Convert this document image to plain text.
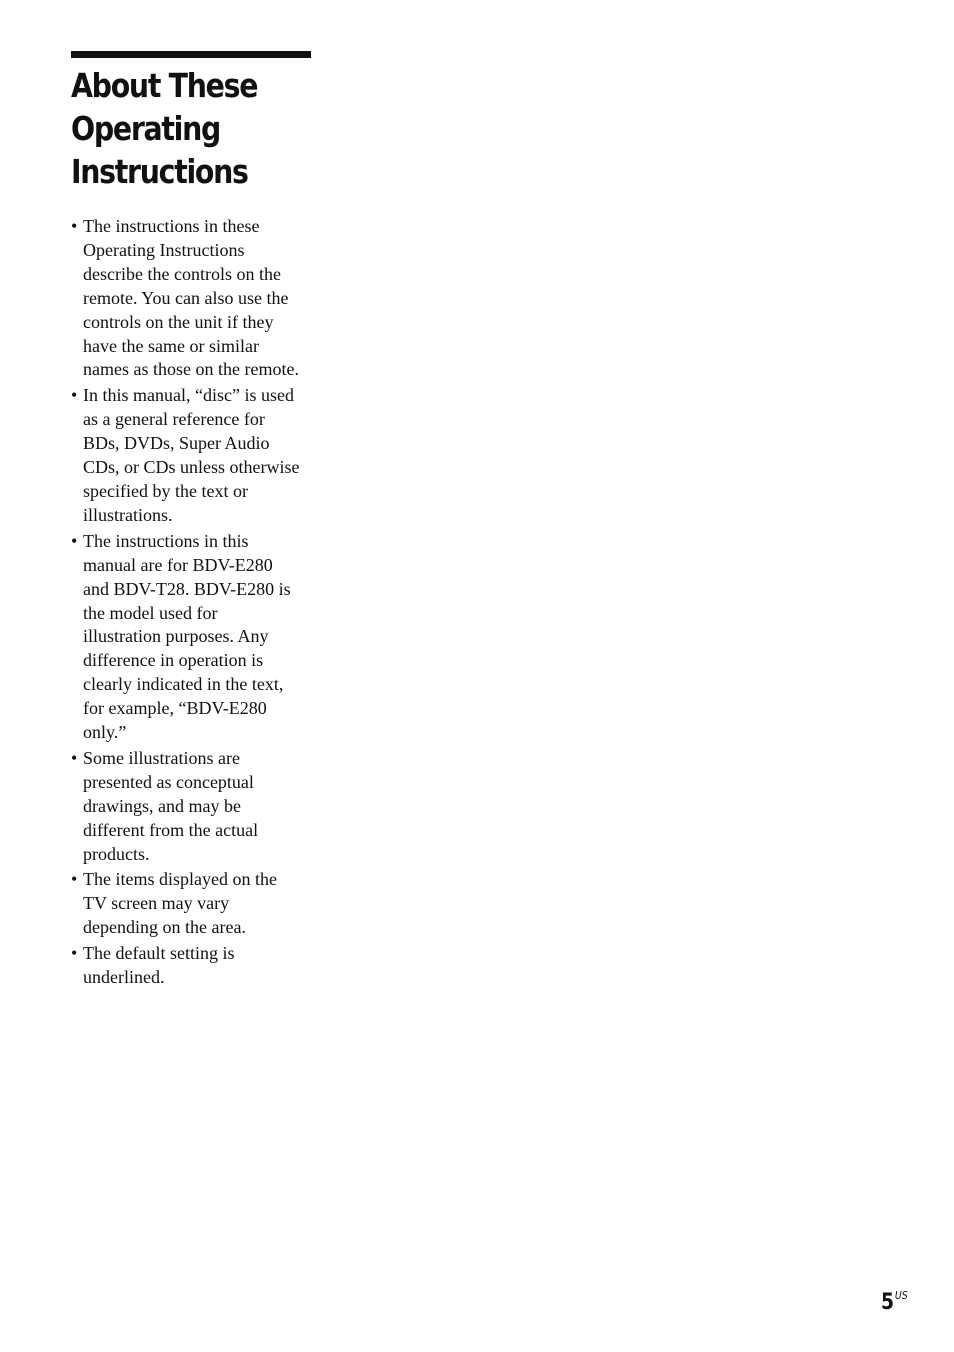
About These
Operating
Instructions
• The instructions in these
Operating Instructions
describe the controls on the
remote. You can also use the
controls on the unit if they
have the same or similar
names as those on the remote.
• In this manual, “disc” is used
as a general reference for
BDs, DVDs, Super Audio
CDs, or CDs unless otherwise
specified by the text or
illustrations.
• The instructions in this
manual are for BDV-E280
and BDV-T28. BDV-E280 is
the model used for
illustration purposes. Any
difference in operation is
clearly indicated in the text,
for example, “BDV-E280
only.”
• Some illustrations are
presented as conceptual
drawings, and may be
different from the actual
products.
• The items displayed on the
TV screen may vary
depending on the area.
• The default setting is
underlined.
$5^{US}$
